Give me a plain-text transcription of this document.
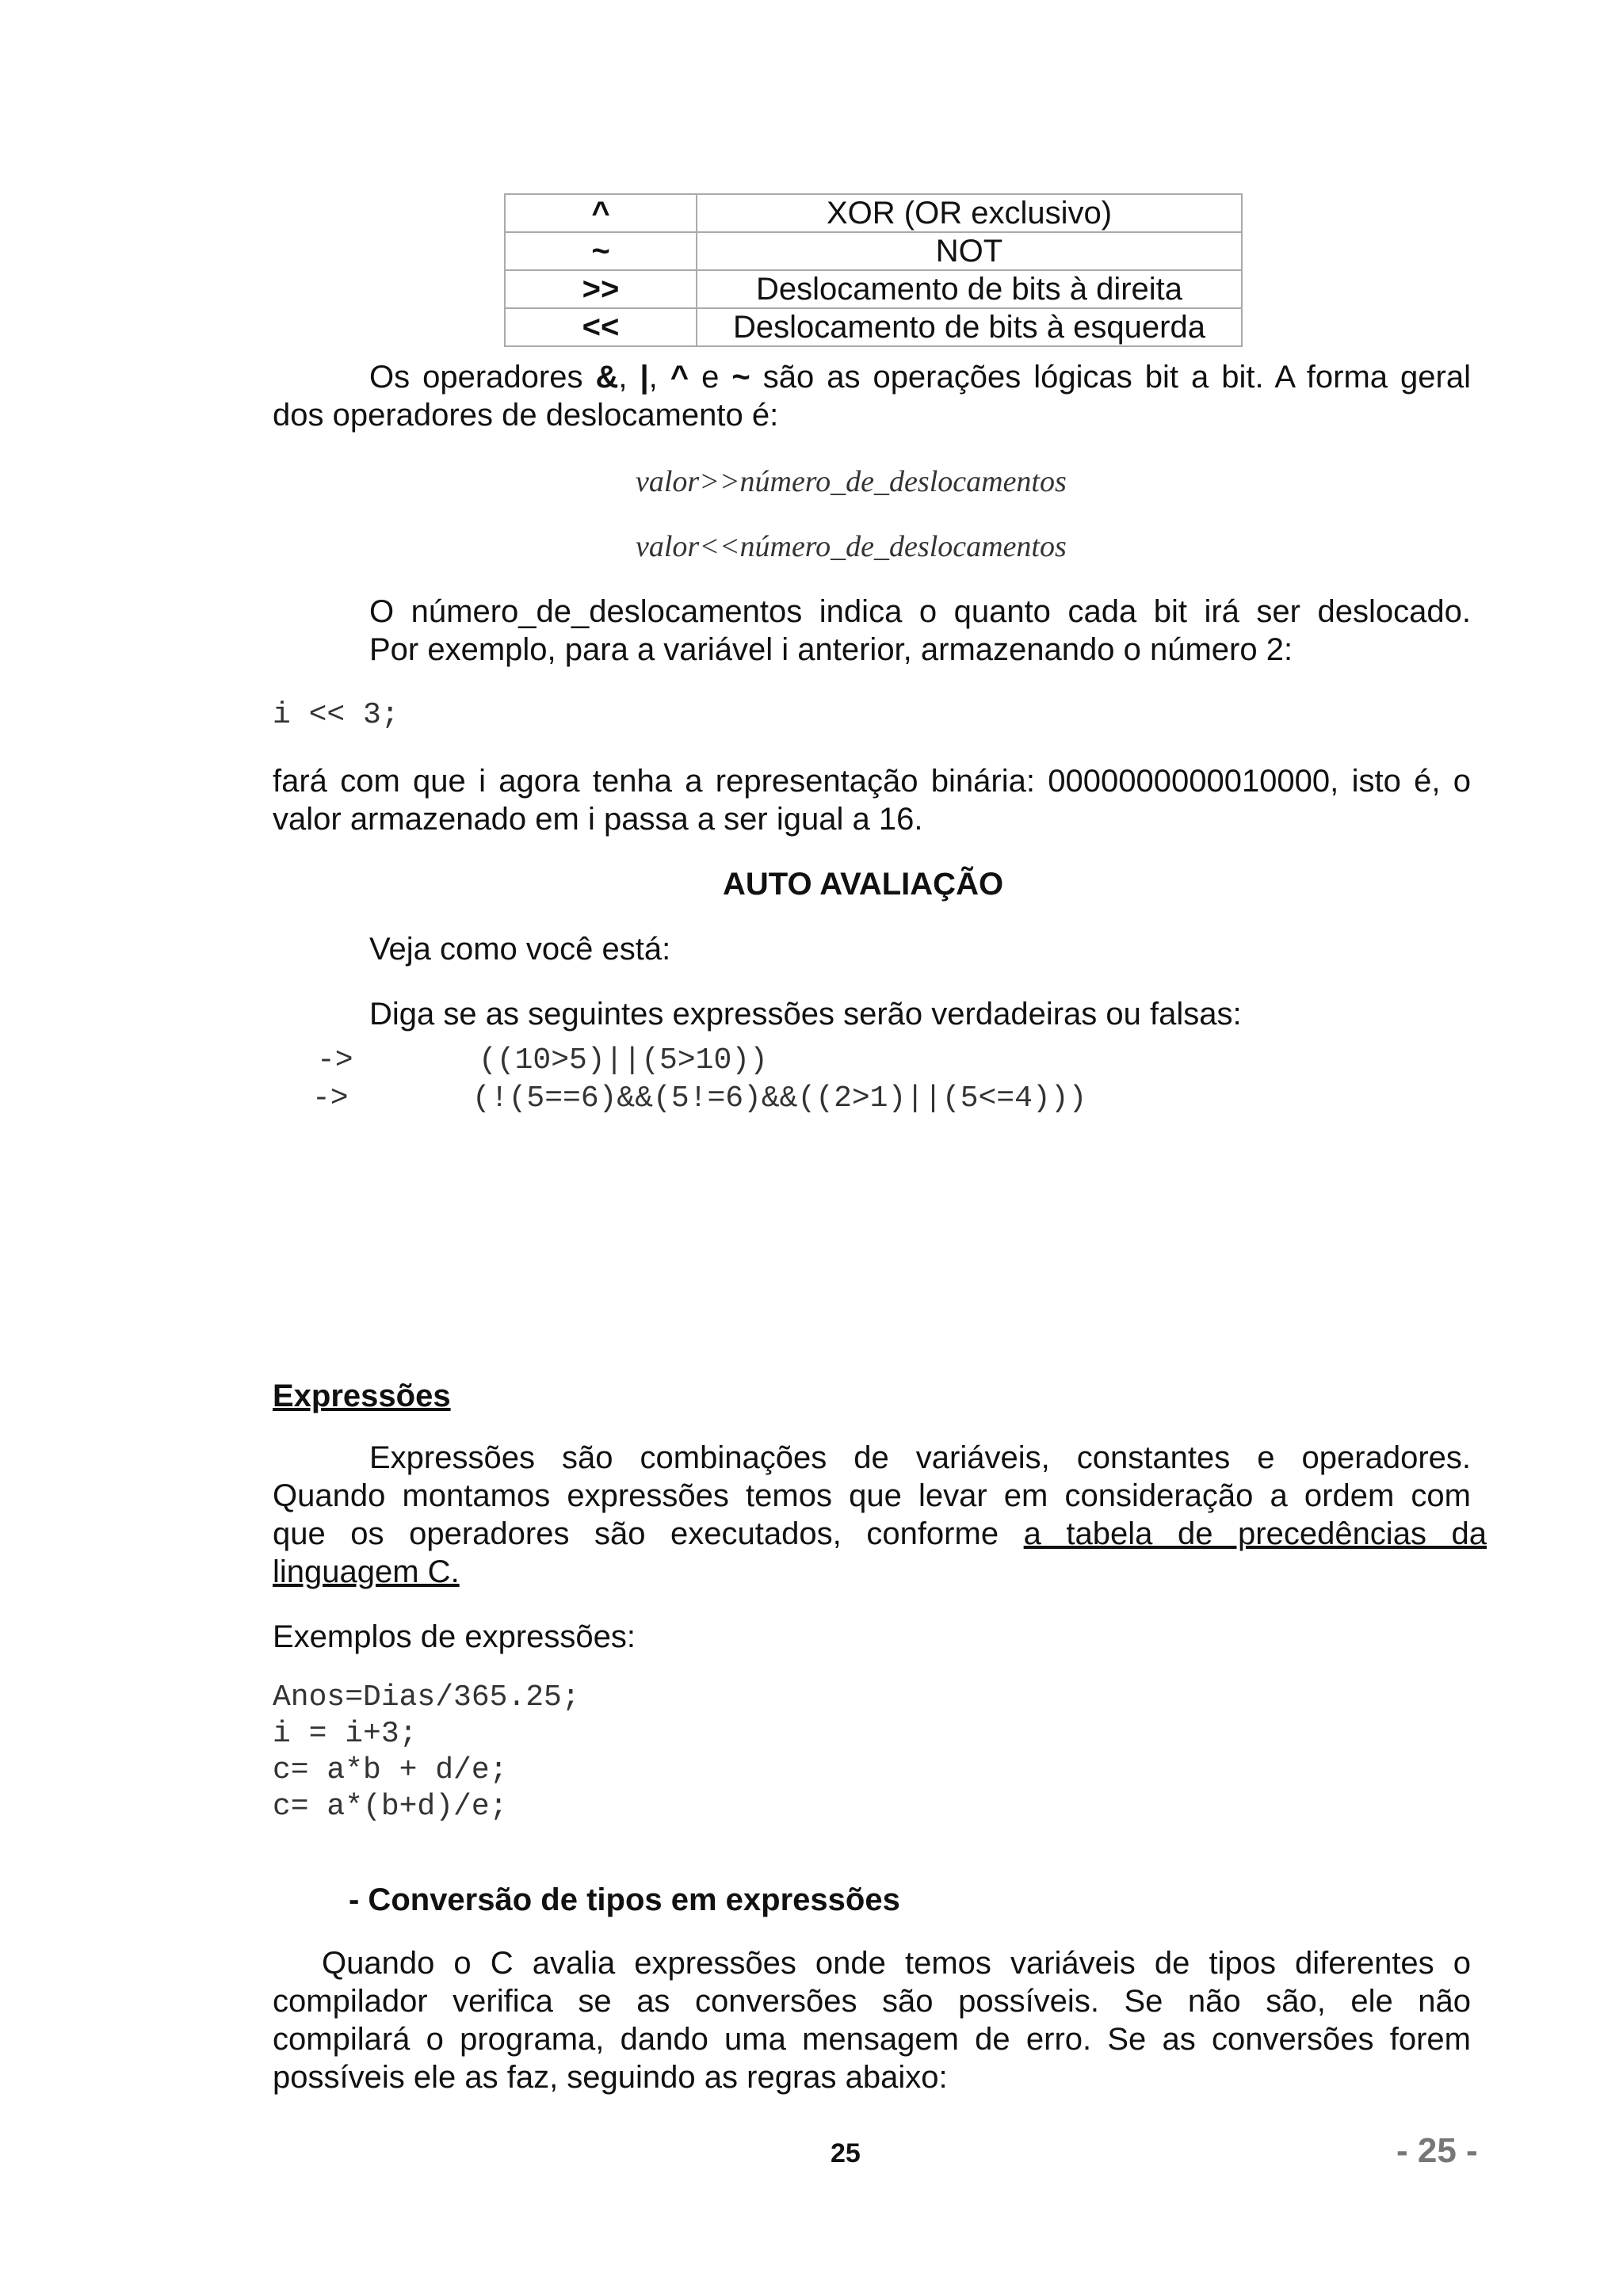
^	XOR (OR exclusivo)
~	NOT
>>	Deslocamento de bits à direita
<<	Deslocamento de bits à esquerda
Os operadores &, |, ^ e ~ são as operações lógicas bit a bit. A forma geral
dos operadores de deslocamento é:
valor>>número_de_deslocamentos
valor<<número_de_deslocamentos
O número_de_deslocamentos indica o quanto cada bit irá ser deslocado.
Por exemplo, para a variável i anterior, armazenando o número 2:
i << 3;
fará com que i agora tenha a representação binária: 0000000000010000, isto é, o
valor armazenado em i passa a ser igual a 16.
AUTO AVALIAÇÃO
Veja como você está:
Diga se as seguintes expressões serão verdadeiras ou falsas:
->	((10>5)||(5>10))
->	(!(5==6)&&(5!=6)&&((2>1)||(5<=4)))
Expressões
Expressões são combinações de variáveis, constantes e operadores.
Quando montamos expressões temos que levar em consideração a ordem com
que os operadores são executados, conforme a tabela de precedências da
linguagem C.
Exemplos de expressões:
Anos=Dias/365.25;
i = i+3;
c= a*b + d/e;
c= a*(b+d)/e;
- Conversão de tipos em expressões
Quando o C avalia expressões onde temos variáveis de tipos diferentes o
compilador verifica se as conversões são possíveis. Se não são, ele não
compilará o programa, dando uma mensagem de erro. Se as conversões forem
possíveis ele as faz, seguindo as regras abaixo:
25	- 25 -
